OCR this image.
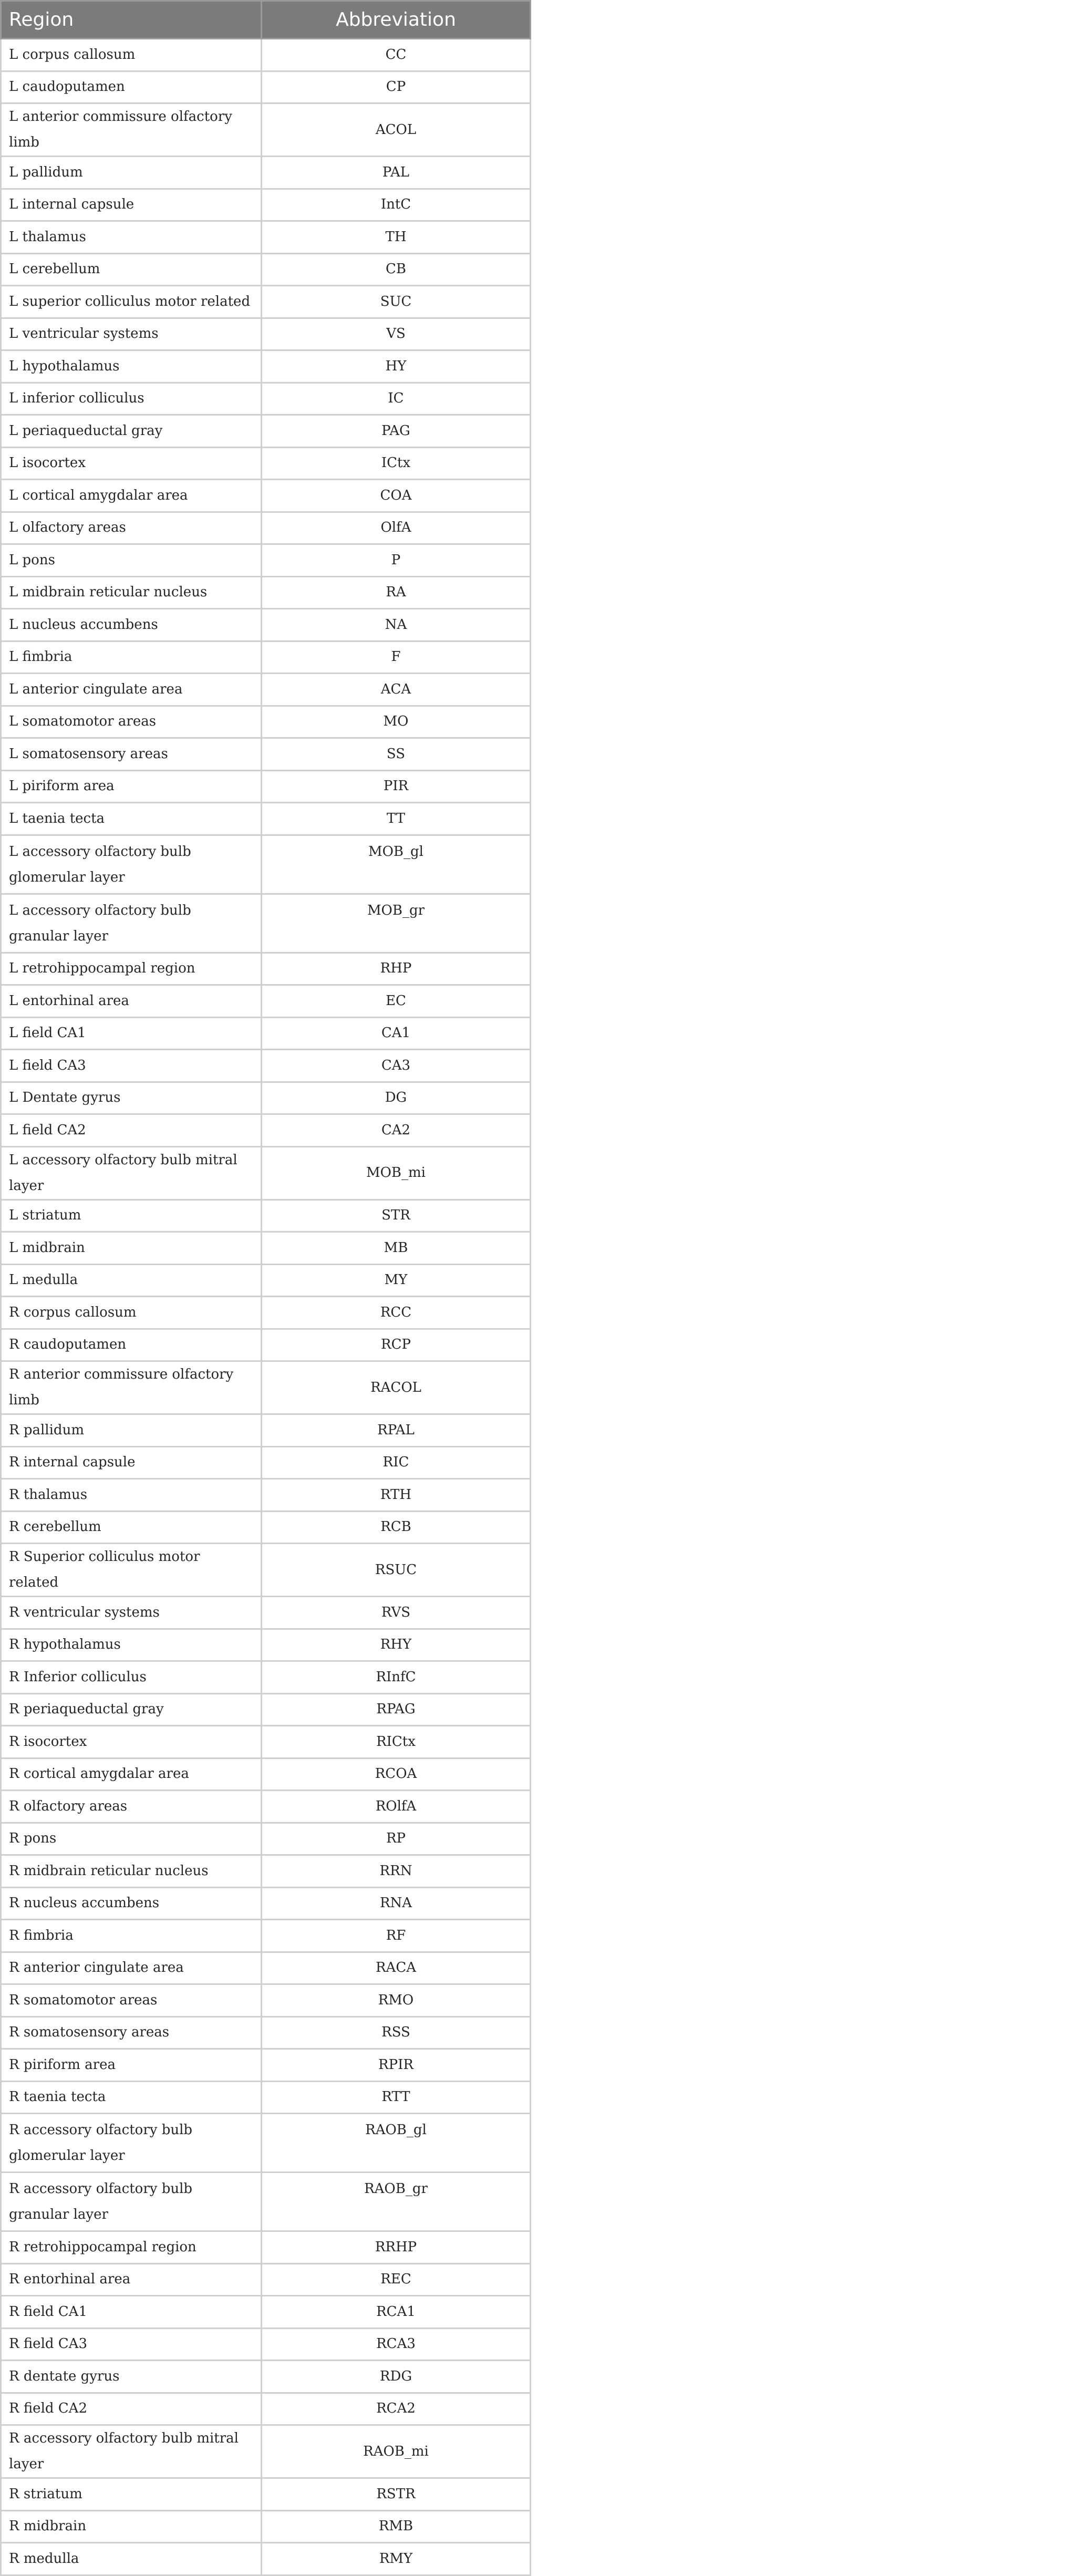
Region	Abbreviation
L corpus callosum	CC
L caudoputamen	CP
L anterior commissure olfactory limb	ACOL
L pallidum	PAL
L internal capsule	IntC
L thalamus	TH
L cerebellum	CB
L superior colliculus motor related	SUC
L ventricular systems	VS
L hypothalamus	HY
L inferior colliculus	IC
L periaqueductal gray	PAG
L isocortex	ICtx
L cortical amygdalar area	COA
L olfactory areas	OlfA
L pons	P
L midbrain reticular nucleus	RA
L nucleus accumbens	NA
L fimbria	F
L anterior cingulate area	ACA
L somatomotor areas	MO
L somatosensory areas	SS
L piriform area	PIR
L taenia tecta	TT
L accessory olfactory bulb glomerular layer	MOB_gl
L accessory olfactory bulb granular layer	MOB_gr
L retrohippocampal region	RHP
L entorhinal area	EC
L field CA1	CA1
L field CA3	CA3
L Dentate gyrus	DG
L field CA2	CA2
L accessory olfactory bulb mitral layer	MOB_mi
L striatum	STR
L midbrain	MB
L medulla	MY
R corpus callosum	RCC
R caudoputamen	RCP
R anterior commissure olfactory limb	RACOL
R pallidum	RPAL
R internal capsule	RIC
R thalamus	RTH
R cerebellum	RCB
R Superior colliculus motor related	RSUC
R ventricular systems	RVS
R hypothalamus	RHY
R Inferior colliculus	RInfC
R periaqueductal gray	RPAG
R isocortex	RICtx
R cortical amygdalar area	RCOA
R olfactory areas	ROlfA
R pons	RP
R midbrain reticular nucleus	RRN
R nucleus accumbens	RNA
R fimbria	RF
R anterior cingulate area	RACA
R somatomotor areas	RMO
R somatosensory areas	RSS
R piriform area	RPIR
R taenia tecta	RTT
R accessory olfactory bulb glomerular layer	RAOB_gl
R accessory olfactory bulb granular layer	RAOB_gr
R retrohippocampal region	RRHP
R entorhinal area	REC
R field CA1	RCA1
R field CA3	RCA3
R dentate gyrus	RDG
R field CA2	RCA2
R accessory olfactory bulb mitral layer	RAOB_mi
R striatum	RSTR
R midbrain	RMB
R medulla	RMY
